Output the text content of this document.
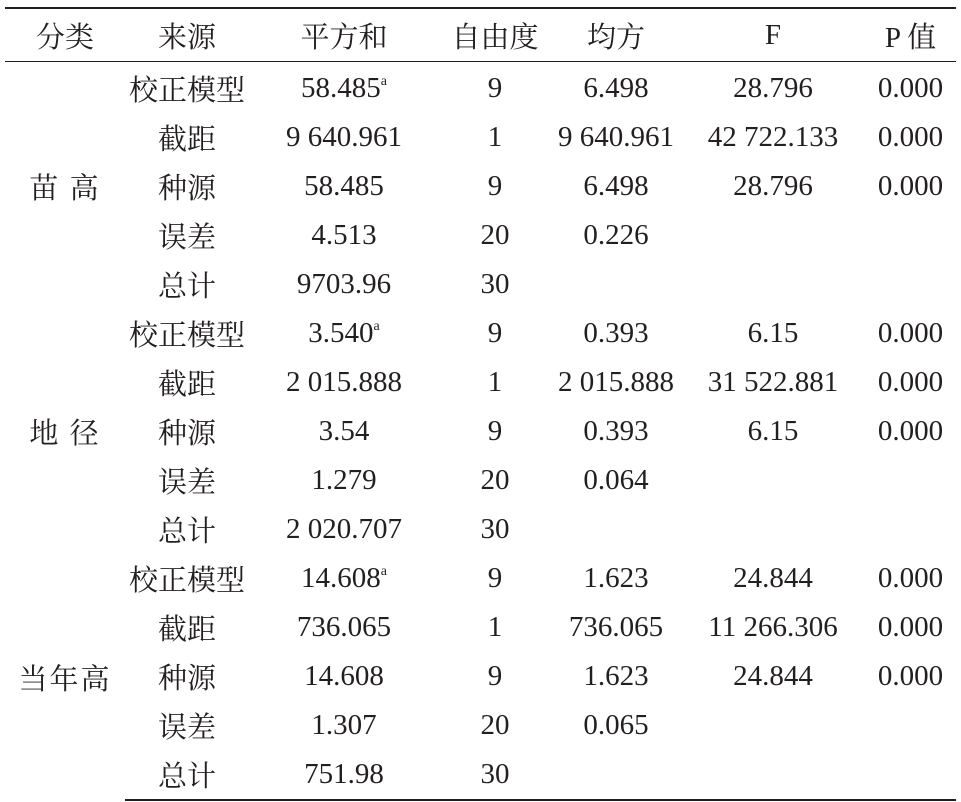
分类	来源	平方和	自由度	均方	F	P 值
苗 高	校正模型	58.485$^a$	9	6.498	28.796	0.000
	截距	9 640.961	1	9 640.961	42 722.133	0.000
	种源	58.485	9	6.498	28.796	0.000
	误差	4.513	20	0.226		
	总计	9703.96	30			
地 径	校正模型	3.540$^a$	9	0.393	6.15	0.000
	截距	2 015.888	1	2 015.888	31 522.881	0.000
	种源	3.54	9	0.393	6.15	0.000
	误差	1.279	20	0.064		
	总计	2 020.707	30			
当年高	校正模型	14.608$^a$	9	1.623	24.844	0.000
	截距	736.065	1	736.065	11 266.306	0.000
	种源	14.608	9	1.623	24.844	0.000
	误差	1.307	20	0.065		
	总计	751.98	30			
